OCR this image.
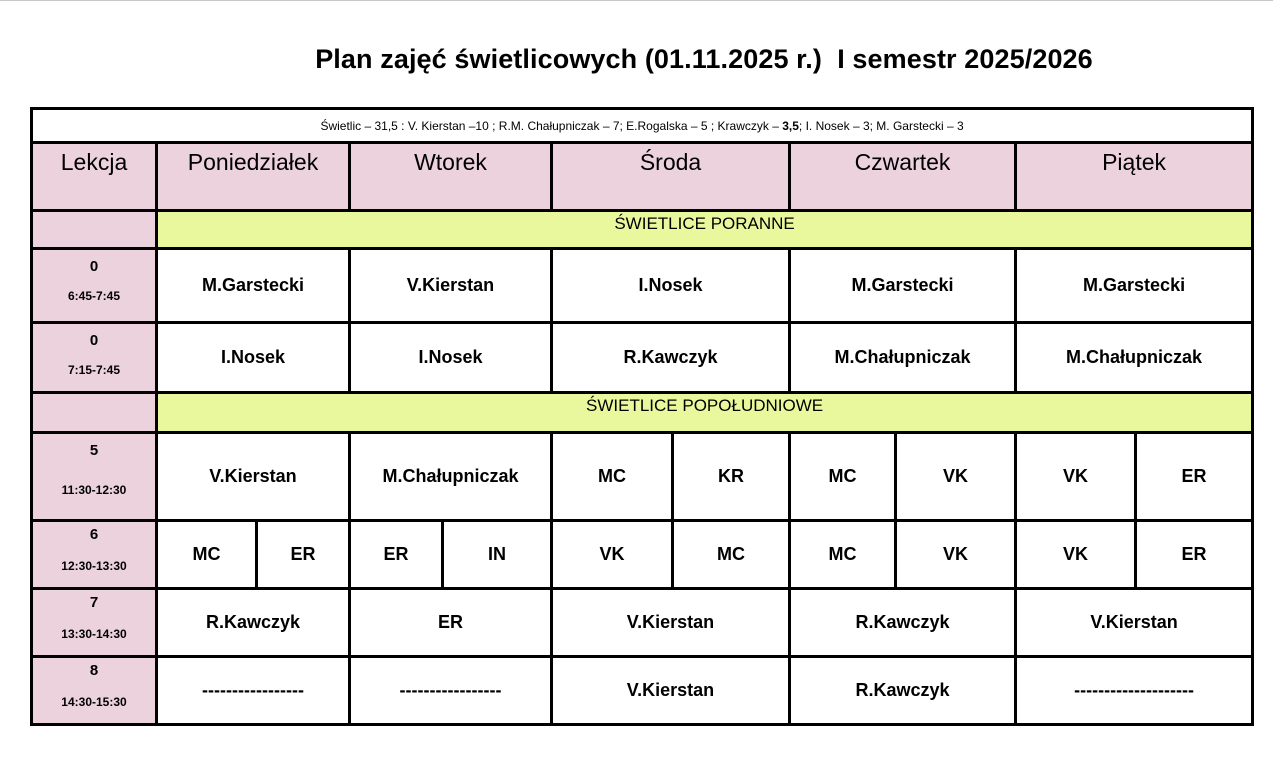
Plan zajęć świetlicowych (01.11.2025 r.)  I semestr 2025/2026
Świetlic – 31,5 : V. Kierstan –10 ; R.M. Chałupniczak – 7; E.Rogalska – 5 ; Krawczyk – 3,5; I. Nosek – 3; M. Garstecki – 3										
Lekcja	Poniedziałek		Wtorek		Środa		Czwartek		Piątek	
	ŚWIETLICE PORANNE									

0
6:45-7:45	M.Garstecki		V.Kierstan		I.Nosek		M.Garstecki		M.Garstecki	

0
7:15-7:45	I.Nosek		I.Nosek		R.Kawczyk		M.Chałupniczak		M.Chałupniczak	
	ŚWIETLICE POPOŁUDNIOWE									

5
11:30-12:30	V.Kierstan		M.Chałupniczak		MC	KR	MC	VK	VK	ER

6
12:30-13:30	MC	ER	ER	IN	VK	MC	MC	VK	VK	ER

7
13:30-14:30	R.Kawczyk		ER		V.Kierstan		R.Kawczyk		V.Kierstan	

8
14:30-15:30	-----------------		-----------------		V.Kierstan		R.Kawczyk		--------------------	
